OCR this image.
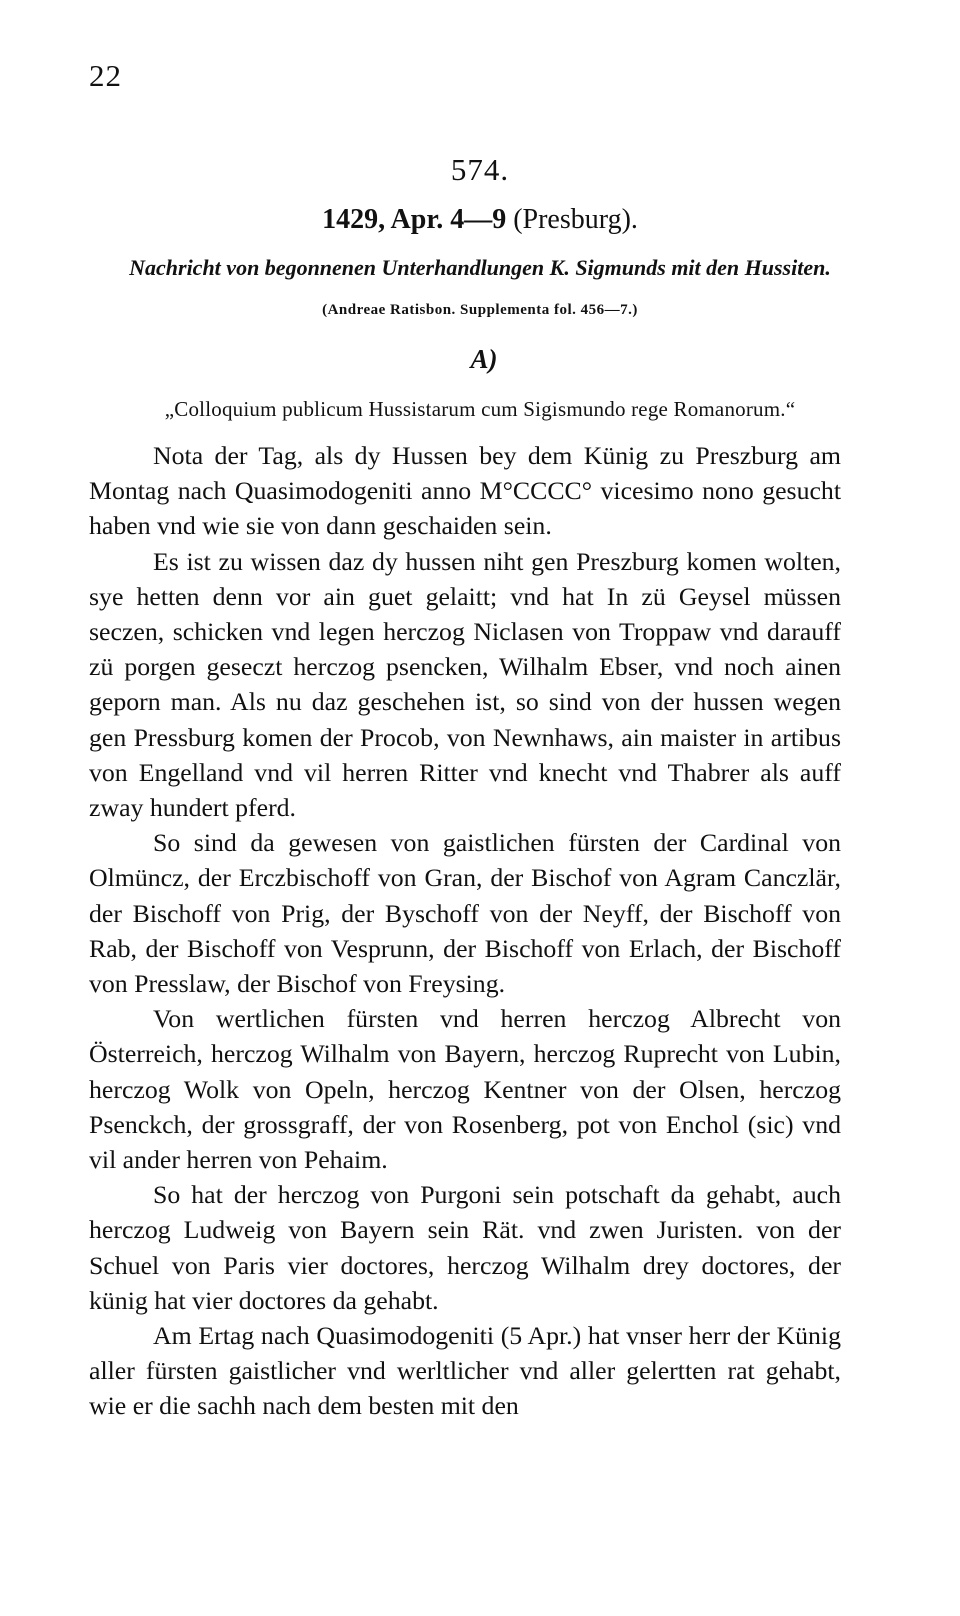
22
574.
1429, Apr. 4—9 (Presburg).
Nachricht von begonnenen Unterhandlungen K. Sigmunds mit den Hussiten.
(Andreae Ratisbon. Supplementa fol. 456—7.)
A)
„Colloquium publicum Hussistarum cum Sigismundo rege Romanorum.“

Nota der Tag, als dy Hussen bey dem Künig zu Preszburg am Montag nach Quasimodogeniti anno M°CCCC° vicesimo nono gesucht haben vnd wie sie von dann geschaiden sein.

Es ist zu wissen daz dy hussen niht gen Preszburg komen wolten, sye hetten denn vor ain guet gelaitt; vnd hat In zü Geysel müssen seczen, schicken vnd legen herczog Niclasen von Troppaw vnd darauff zü porgen geseczt herczog psencken, Wilhalm Ebser, vnd noch ainen geporn man. Als nu daz geschehen ist, so sind von der hussen wegen gen Pressburg komen der Procob, von Newnhaws, ain maister in artibus von Engelland vnd vil herren Ritter vnd knecht vnd Thabrer als auff zway hundert pferd.

So sind da gewesen von gaistlichen fürsten der Cardinal von Olmüncz, der Erczbischoff von Gran, der Bischof von Agram Canczlär, der Bischoff von Prig, der Byschoff von der Neyff, der Bischoff von Rab, der Bischoff von Vesprunn, der Bischoff von Erlach, der Bischoff von Presslaw, der Bischof von Freysing.

Von wertlichen fürsten vnd herren herczog Albrecht von Österreich, herczog Wilhalm von Bayern, herczog Ruprecht von Lubin, herczog Wolk von Opeln, herczog Kentner von der Olsen, herczog Psenckch, der grossgraff, der von Rosenberg, pot von Enchol (sic) vnd vil ander herren von Pehaim.

So hat der herczog von Purgoni sein potschaft da gehabt, auch herczog Ludweig von Bayern sein Rät. vnd zwen Juristen. von der Schuel von Paris vier doctores, herczog Wilhalm drey doctores, der künig hat vier doctores da gehabt.

Am Ertag nach Quasimodogeniti (5 Apr.) hat vnser herr der Künig aller fürsten gaistlicher vnd werltlicher vnd aller gelertten rat gehabt, wie er die sachh nach dem besten mit den
